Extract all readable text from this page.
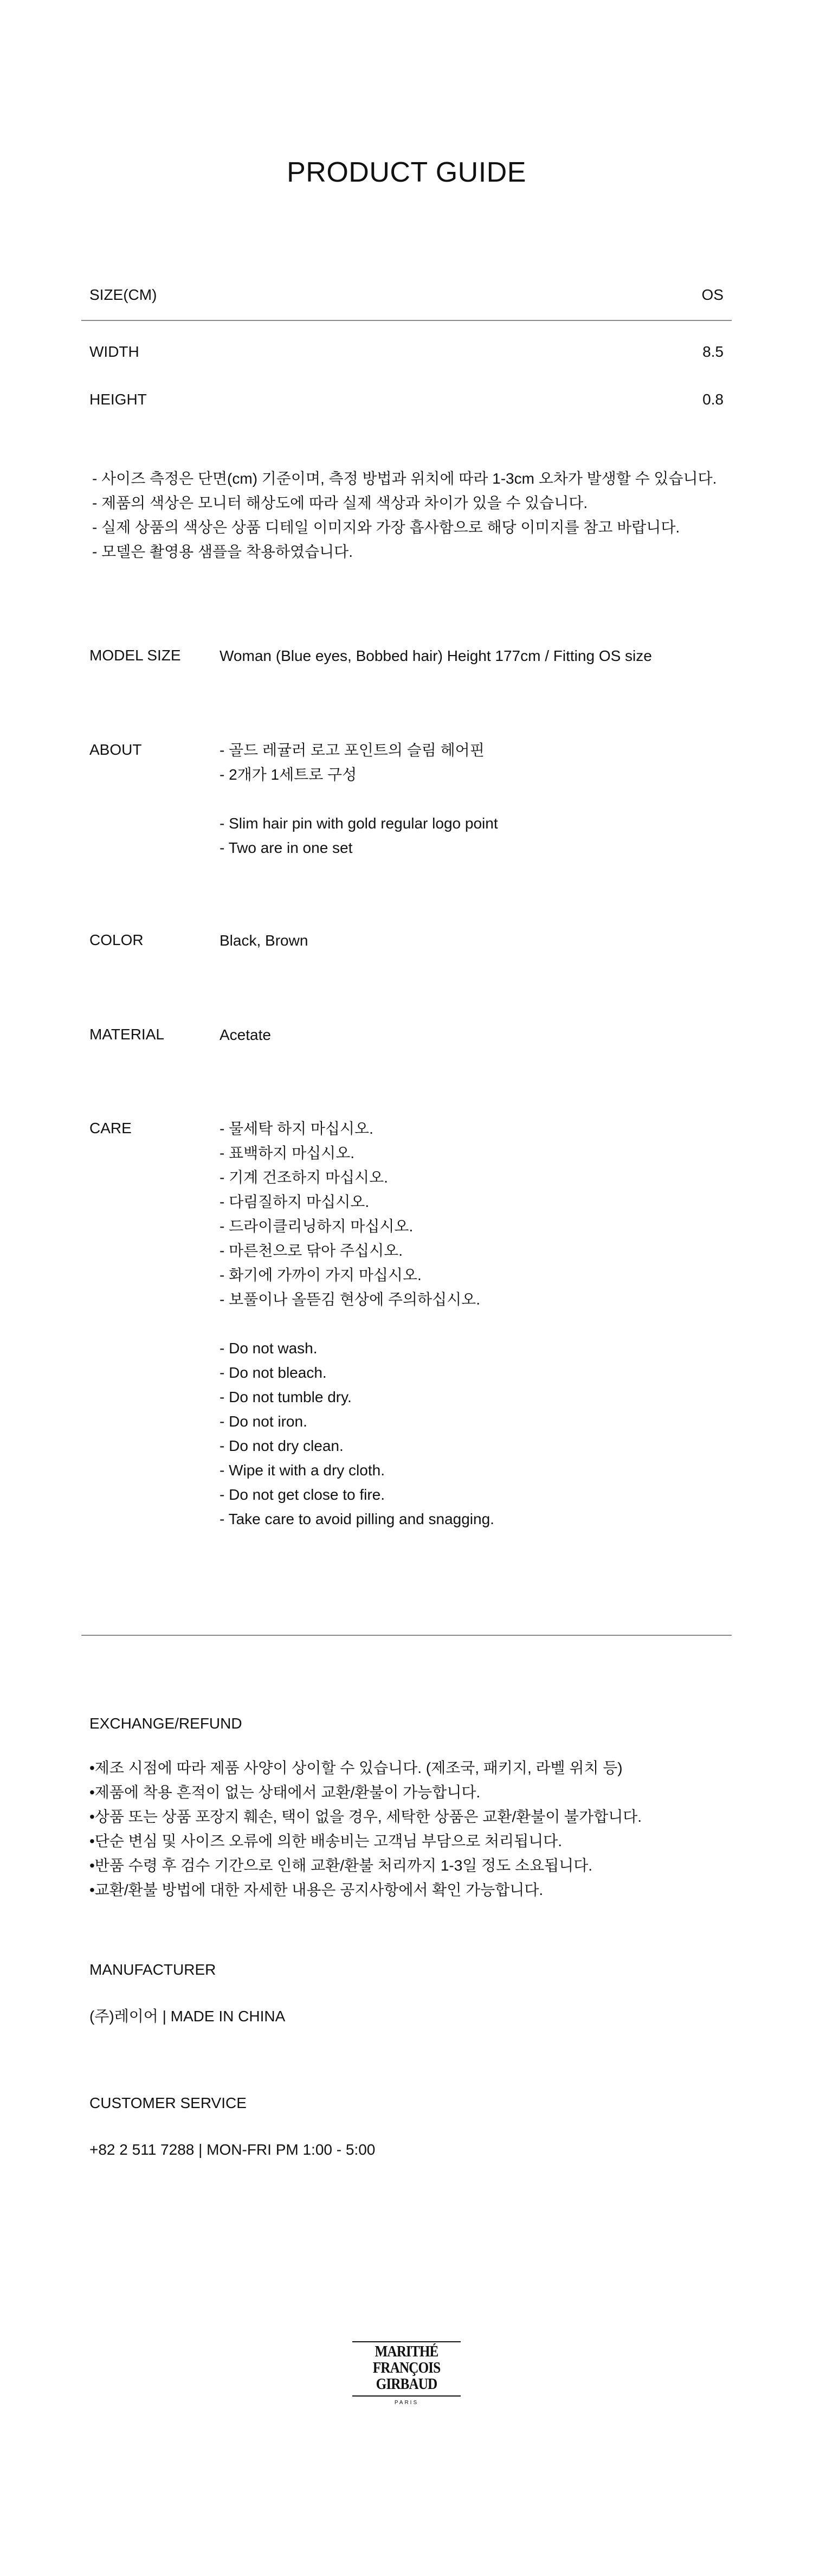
PRODUCT GUIDE
SIZE(CM)	OS
WIDTH	8.5
HEIGHT	0.8
- 사이즈 측정은 단면(cm) 기준이며, 측정 방법과 위치에 따라 1-3cm 오차가 발생할 수 있습니다.
- 제품의 색상은 모니터 해상도에 따라 실제 색상과 차이가 있을 수 있습니다.
- 실제 상품의 색상은 상품 디테일 이미지와 가장 흡사함으로 해당 이미지를 참고 바랍니다.
- 모델은 촬영용 샘플을 착용하였습니다.
MODEL SIZE	Woman (Blue eyes, Bobbed hair) Height 177cm / Fitting OS size
ABOUT	- 골드 레귤러 로고 포인트의 슬림 헤어핀
- 2개가 1세트로 구성
- Slim hair pin with gold regular logo point
- Two are in one set
COLOR	Black, Brown
MATERIAL	Acetate
CARE	- 물세탁 하지 마십시오.
- 표백하지 마십시오.
- 기계 건조하지 마십시오.
- 다림질하지 마십시오.
- 드라이클리닝하지 마십시오.
- 마른천으로 닦아 주십시오.
- 화기에 가까이 가지 마십시오.
- 보풀이나 올뜯김 현상에 주의하십시오.
- Do not wash.
- Do not bleach.
- Do not tumble dry.
- Do not iron.
- Do not dry clean.
- Wipe it with a dry cloth.
- Do not get close to fire.
- Take care to avoid pilling and snagging.
EXCHANGE/REFUND
•제조 시점에 따라 제품 사양이 상이할 수 있습니다. (제조국, 패키지, 라벨 위치 등)
•제품에 착용 흔적이 없는 상태에서 교환/환불이 가능합니다.
•상품 또는 상품 포장지 훼손, 택이 없을 경우, 세탁한 상품은 교환/환불이 불가합니다.
•단순 변심 및 사이즈 오류에 의한 배송비는 고객님 부담으로 처리됩니다.
•반품 수령 후 검수 기간으로 인해 교환/환불 처리까지 1-3일 정도 소요됩니다.
•교환/환불 방법에 대한 자세한 내용은 공지사항에서 확인 가능합니다.
MANUFACTURER
(주)레이어 | MADE IN CHINA
CUSTOMER SERVICE
+82 2 511 7288 | MON-FRI PM 1:00 - 5:00
MARITHÉ
FRANÇOIS
GIRBAUD
PARIS
